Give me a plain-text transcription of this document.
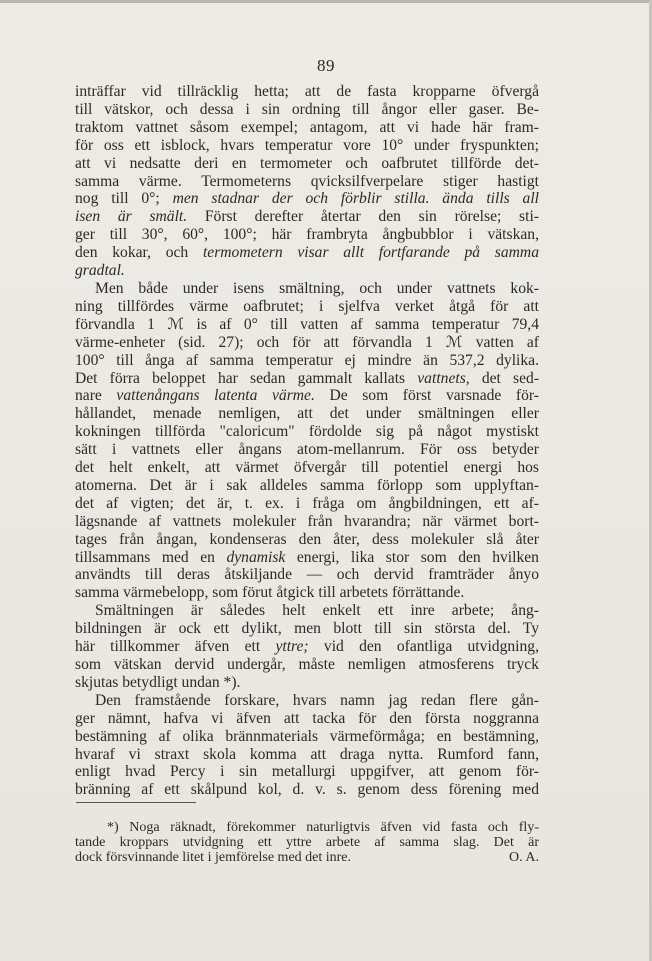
89

inträffar vid tillräcklig hetta; att de fasta kropparne öfvergå
till vätskor, och dessa i sin ordning till ångor eller gaser. Be-
traktom vattnet såsom exempel; antagom, att vi hade här fram-
för oss ett isblock, hvars temperatur vore 10° under fryspunkten;
att vi nedsatte deri en termometer och oafbrutet tillförde det-
samma värme. Termometerns qvicksilfverpelare stiger hastigt
nog till 0°; men stadnar der och förblir stilla. ända tills all
isen är smält. Först derefter återtar den sin rörelse; sti-
ger till 30°, 60°, 100°; här frambryta ångbubblor i vätskan,
den kokar, och termometern visar allt fortfarande på samma
gradtal.

Men både under isens smältning, och under vattnets kok-
ning tillfördes värme oafbrutet; i sjelfva verket åtgå för att
förvandla 1 ℳ is af 0° till vatten af samma temperatur 79,4
värme-enheter (sid. 27); och för att förvandla 1 ℳ vatten af
100° till ånga af samma temperatur ej mindre än 537,2 dylika.
Det förra beloppet har sedan gammalt kallats vattnets, det sed-
nare vattenångans latenta värme. De som först varsnade för-
hållandet, menade nemligen, att det under smältningen eller
kokningen tillförda "caloricum" fördolde sig på något mystiskt
sätt i vattnets eller ångans atom-mellanrum. För oss betyder
det helt enkelt, att värmet öfvergår till potentiel energi hos
atomerna. Det är i sak alldeles samma förlopp som upplyftan-
det af vigten; det är, t. ex. i fråga om ångbildningen, ett af-
lägsnande af vattnets molekuler från hvarandra; när värmet bort-
tages från ångan, kondenseras den åter, dess molekuler slå åter
tillsammans med en dynamisk energi, lika stor som den hvilken
användts till deras åtskiljande — och dervid framträder ånyo
samma värmebelopp, som förut åtgick till arbetets förrättande.

Smältningen är således helt enkelt ett inre arbete; ång-
bildningen är ock ett dylikt, men blott till sin största del. Ty
här tillkommer äfven ett yttre; vid den ofantliga utvidgning,
som vätskan dervid undergår, måste nemligen atmosferens tryck
skjutas betydligt undan *).

Den framstående forskare, hvars namn jag redan flere gån-
ger nämnt, hafva vi äfven att tacka för den första noggranna
bestämning af olika brännmaterials värmeförmåga; en bestämning,
hvaraf vi straxt skola komma att draga nytta. Rumford fann,
enligt hvad Percy i sin metallurgi uppgifver, att genom för-
bränning af ett skålpund kol, d. v. s. genom dess förening med

*) Noga räknadt, förekommer naturligtvis äfven vid fasta och fly-
tande kroppars utvidgning ett yttre arbete af samma slag. Det är
dock försvinnande litet i jemförelse med det inre.	O. A.
